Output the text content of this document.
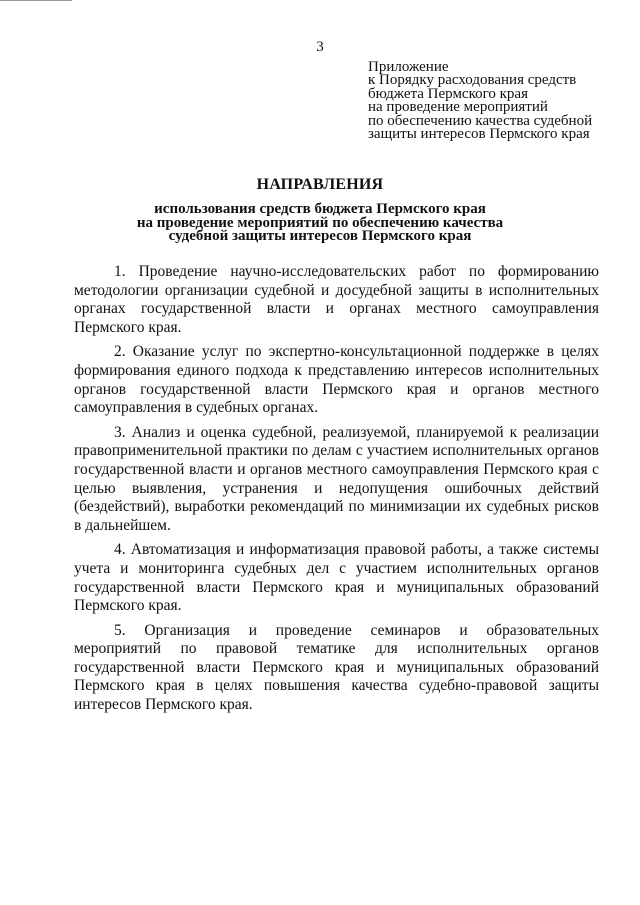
3
Приложение
к Порядку расходования средств
бюджета Пермского края
на проведение мероприятий
по обеспечению качества судебной
защиты интересов Пермского края
НАПРАВЛЕНИЯ
использования средств бюджета Пермского края
на проведение мероприятий по обеспечению качества
судебной защиты интересов Пермского края

1. Проведение научно-исследовательских работ по формированию методологии организации судебной и досудебной защиты в исполнительных органах государственной власти и органах местного самоуправления Пермского края.

2. Оказание услуг по экспертно-консультационной поддержке в целях формирования единого подхода к представлению интересов исполнительных органов государственной власти Пермского края и органов местного самоуправления в судебных органах.

3. Анализ и оценка судебной, реализуемой, планируемой к реализации правоприменительной практики по делам с участием исполнительных органов государственной власти и органов местного самоуправления Пермского края с целью выявления, устранения и недопущения ошибочных действий (бездействий), выработки рекомендаций по минимизации их судебных рисков в дальнейшем.

4. Автоматизация и информатизация правовой работы, а также системы учета и мониторинга судебных дел с участием исполнительных органов государственной власти Пермского края и муниципальных образований Пермского края.

5. Организация и проведение семинаров и образовательных мероприятий по правовой тематике для исполнительных органов государственной власти Пермского края и муниципальных образований Пермского края в целях повышения качества судебно-правовой защиты интересов Пермского края.
